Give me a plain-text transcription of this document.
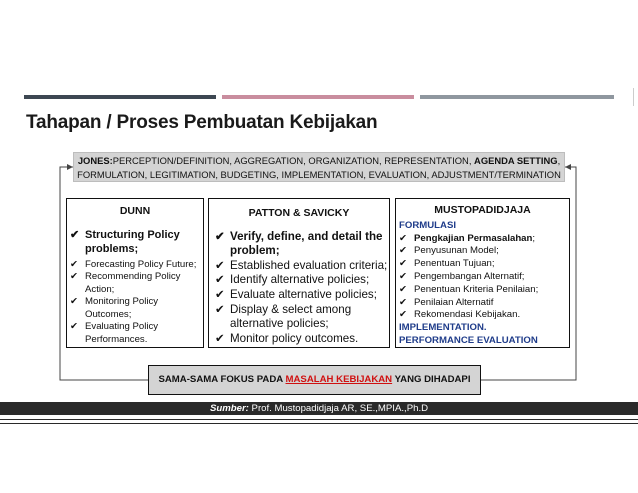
Tahapan / Proses Pembuatan Kebijakan
JONES:PERCEPTION/DEFINITION, AGGREGATION, ORGANIZATION, REPRESENTATION, AGENDA SETTING,
FORMULATION, LEGITIMATION, BUDGETING, IMPLEMENTATION, EVALUATION, ADJUSTMENT/TERMINATION
DUNN
✔ Structuring Policy problems;
✔ Forecasting Policy Future;
✔ Recommending Policy Action;
✔ Monitoring Policy Outcomes;
✔ Evaluating Policy Performances.
PATTON & SAVICKY
✔ Verify, define, and detail the problem;
✔ Established evaluation criteria;
✔ Identify alternative policies;
✔ Evaluate alternative policies;
✔ Display & select among alternative policies;
✔ Monitor policy outcomes.
MUSTOPADIDJAJA
FORMULASI
✔ Pengkajian Permasalahan;
✔ Penyusunan Model;
✔ Penentuan Tujuan;
✔ Pengembangan Alternatif;
✔ Penentuan Kriteria Penilaian;
✔ Penilaian Alternatif
✔ Rekomendasi Kebijakan.
IMPLEMENTATION.
PERFORMANCE EVALUATION
SAMA-SAMA FOKUS PADA MASALAH KEBIJAKAN YANG DIHADAPI
Sumber: Prof. Mustopadidjaja AR, SE.,MPIA.,Ph.D
